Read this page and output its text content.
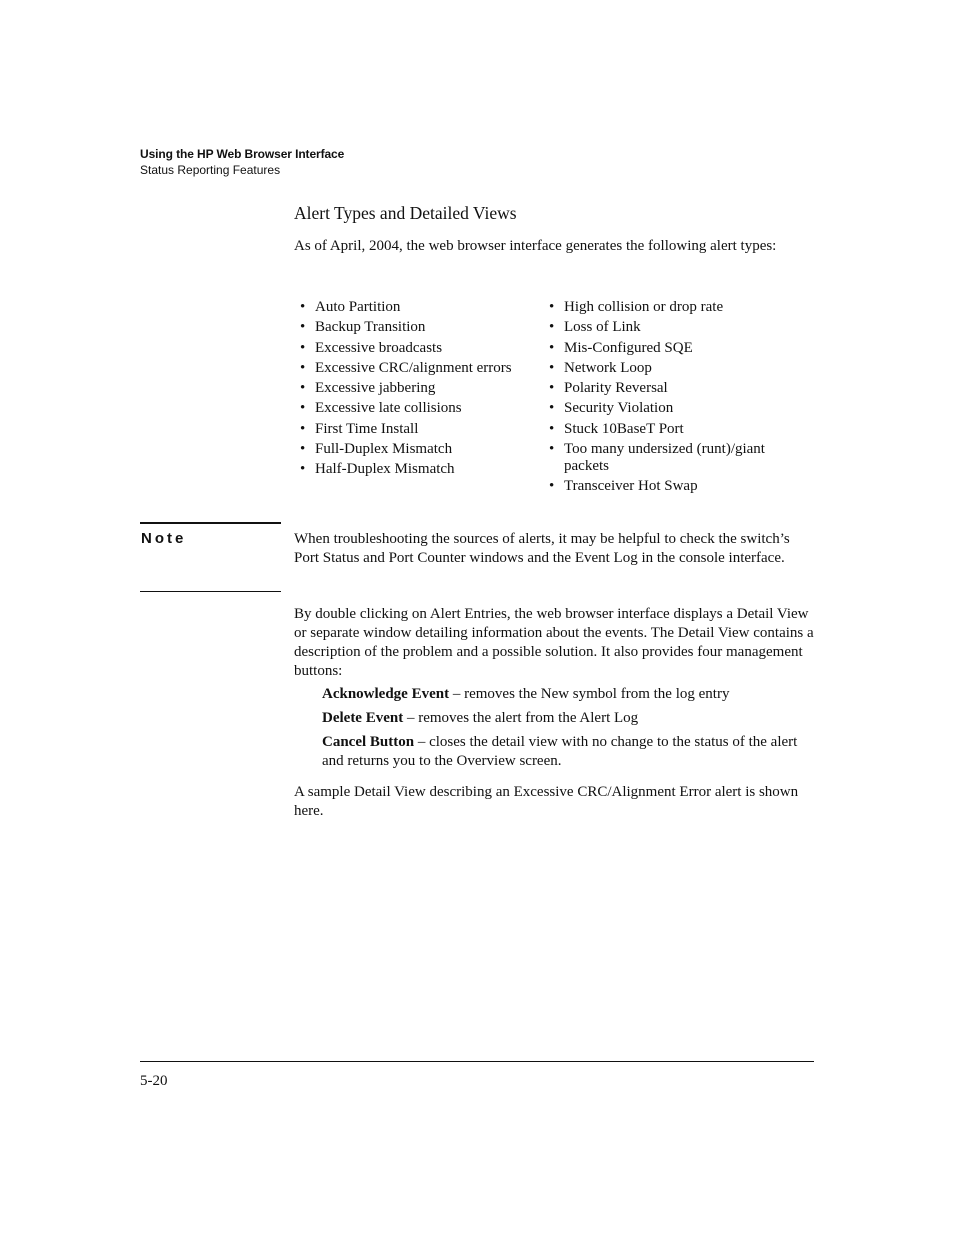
Using the HP Web Browser Interface
Status Reporting Features
Alert Types and Detailed Views
As of April, 2004, the web browser interface generates the following alert types:
• Auto Partition
• Backup Transition
• Excessive broadcasts
• Excessive CRC/alignment errors
• Excessive jabbering
• Excessive late collisions
• First Time Install
• Full-Duplex Mismatch
• Half-Duplex Mismatch
• High collision or drop rate
• Loss of Link
• Mis-Configured SQE
• Network Loop
• Polarity Reversal
• Security Violation
• Stuck 10BaseT Port
• Too many undersized (runt)/giant packets
• Transceiver Hot Swap
Note	When troubleshooting the sources of alerts, it may be helpful to check the switch’s Port Status and Port Counter windows and the Event Log in the console interface.
By double clicking on Alert Entries, the web browser interface displays a Detail View or separate window detailing information about the events. The Detail View contains a description of the problem and a possible solution. It also provides four management buttons:
Acknowledge Event – removes the New symbol from the log entry
Delete Event – removes the alert from the Alert Log
Cancel Button – closes the detail view with no change to the status of the alert and returns you to the Overview screen.
A sample Detail View describing an Excessive CRC/Alignment Error alert is shown here.
5-20
